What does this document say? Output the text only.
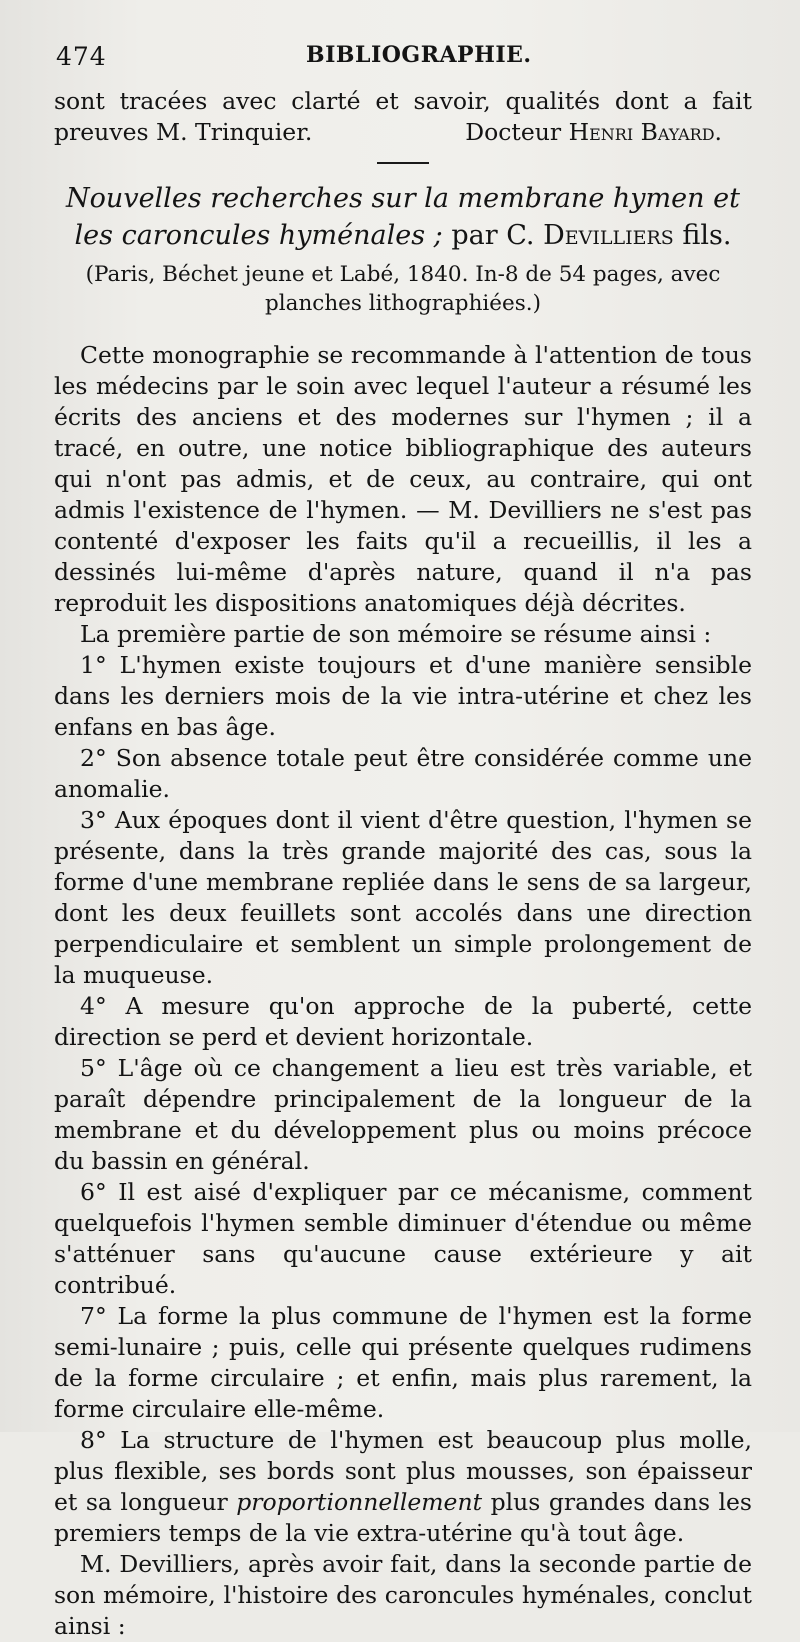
474	BIBLIOGRAPHIE.

sont tracées avec clarté et savoir, qualités dont a fait preuves M. Trinquier.	Docteur Henri Bayard.

Nouvelles recherches sur la membrane hymen et les caroncules hyménales ; par C. Devilliers fils.

(Paris, Béchet jeune et Labé, 1840. In-8 de 54 pages, avec planches lithographiées.)

Cette monographie se recommande à l'attention de tous les médecins par le soin avec lequel l'auteur a résumé les écrits des anciens et des modernes sur l'hymen ; il a tracé, en outre, une notice bibliographique des auteurs qui n'ont pas admis, et de ceux, au contraire, qui ont admis l'existence de l'hymen. — M. Devilliers ne s'est pas contenté d'exposer les faits qu'il a recueillis, il les a dessinés lui-même d'après nature, quand il n'a pas reproduit les dispositions anatomiques déjà décrites.

La première partie de son mémoire se résume ainsi :

1° L'hymen existe toujours et d'une manière sensible dans les derniers mois de la vie intra-utérine et chez les enfans en bas âge.

2° Son absence totale peut être considérée comme une anomalie.

3° Aux époques dont il vient d'être question, l'hymen se présente, dans la très grande majorité des cas, sous la forme d'une membrane repliée dans le sens de sa largeur, dont les deux feuillets sont accolés dans une direction perpendiculaire et semblent un simple prolongement de la muqueuse.

4° A mesure qu'on approche de la puberté, cette direction se perd et devient horizontale.

5° L'âge où ce changement a lieu est très variable, et paraît dépendre principalement de la longueur de la membrane et du développement plus ou moins précoce du bassin en général.

6° Il est aisé d'expliquer par ce mécanisme, comment quelquefois l'hymen semble diminuer d'étendue ou même s'atténuer sans qu'aucune cause extérieure y ait contribué.

7° La forme la plus commune de l'hymen est la forme semi-lunaire ; puis, celle qui présente quelques rudimens de la forme circulaire ; et enfin, mais plus rarement, la forme circulaire elle-même.

8° La structure de l'hymen est beaucoup plus molle, plus flexible, ses bords sont plus mousses, son épaisseur et sa longueur proportionnellement plus grandes dans les premiers temps de la vie extra-utérine qu'à tout âge.

M. Devilliers, après avoir fait, dans la seconde partie de son mémoire, l'histoire des caroncules hyménales, conclut ainsi :
